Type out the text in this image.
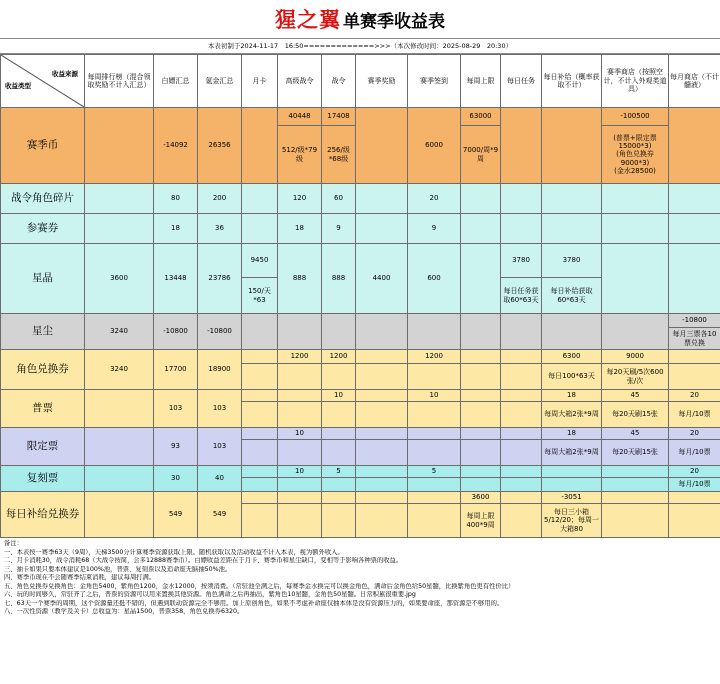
猩之翼 单赛季收益表
本表初制于2024-11-17　16:50=============>>>（本次修改时间：2025-08-29　20:30）
收益来源
收益类型	每周排行榜（混合领取奖励不计入汇总）	白嫖汇总	氪金汇总	月卡	高级战令	战令	赛季奖励	赛季签到	每周上限	每日任务	每日补给（概率获取不计）	赛季商店（按照空计，不计入外观类道具）	每月商店（不计髓液）
赛季币		-14092	26356		40448	17408		6000	63000			-100500	
					512/级*79级	256/级*68级			7000/周*9周			(普票+限定票15000*3)
(角色兑换券9000*3)
(金水28500)	
战令角色碎片		80	200		120	60		20					
参赛券		18	36		18	9		9					
星晶	3600	13448	23786	9450	888	888	4400	600		3780	3780		
				150/天*63						每日任务获取60*63天	每日补给获取60*63天		
星尘	3240	-10800	-10800										-10800
													每月三票各10票兑换
角色兑换券	3240	17700	18900		1200	1200		1200			6300	9000	
											每日100*63天	每20天刷/5次600张/次	
普票		103	103			10		10			18	45	20
											每周大箱2张*9周	每20天刷15张	每月/10票
限定票		93	103		10						18	45	20
											每周大箱2张*9周	每20天刷15张	每月/10票
复刻票		30	40		10	5		5					20
													每月/10票
每日补给兑换券		549	549						3600		-3051		
									每周上限400*9周		每日三小箱5/12/20；每周一大箱80		
备注：
一、本表按一赛季63天（9周），天梯3500分计算赛季资源获取上限。随机获取以及活动收益不计入本表，视为额外收入。
二、月卡消耗30，战令消耗68（大战令按简，会多12888赛季币）。白嫖收益差距在于月卡、赛季币和星尘缺口，变相等于影响各种票的收益。
三、抽卡如果只要本体建议是100%池，普票、复刻票以及追命座无脑抽50%池。
四、赛季币现在不会随赛季结束消耗，建议每周打满。
五、角色兑换券兑换角色：金角色5400，紫角色1200，金水12000，按须消费。（常驻池全满之后，每赛季金水换完可以换金角色，满命后金角色给50星髓，比换紫角色更有性价比）
六、玩的时间够久，常驻齐了之后，普票的资源可以用来置换其他资源。角色满命之后再抽出，紫角色10星髓，金角色50星髓。日常积累很重要.jpg
七、63天一个赛季的周期，这个资源量还挺不错的，但遇到联动资源完全不够用。加上原创角色，如果不考虑补命座仅抽本体是没有资源压力的，如果要命座，那资源是不够用的。
八、一次性资源（教学及关卡）总收益为：星晶1500，普票358，角色兑换券6320。
